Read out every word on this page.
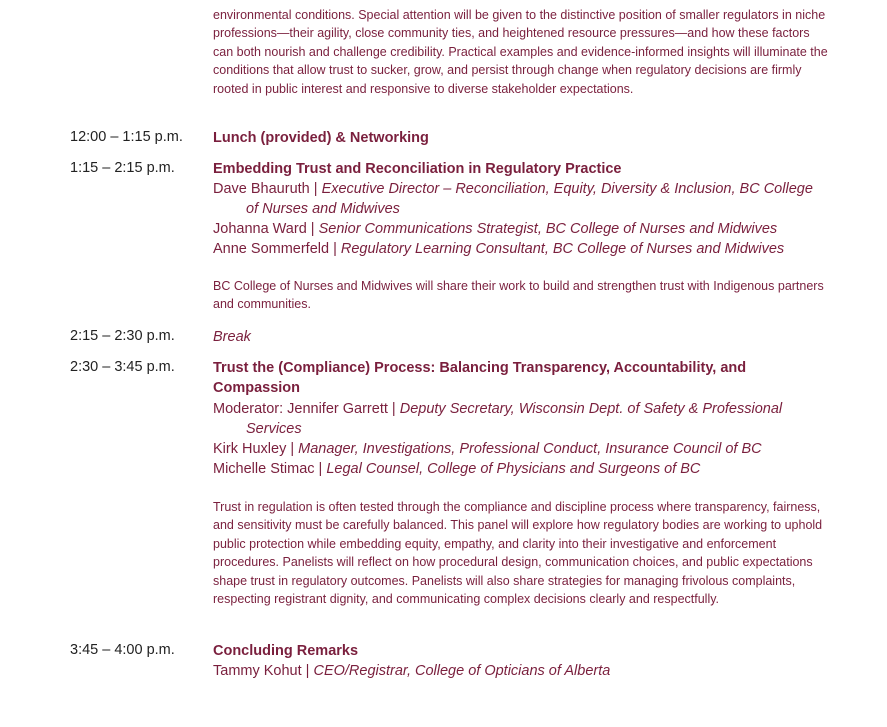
environmental conditions. Special attention will be given to the distinctive position of smaller regulators in niche professions—their agility, close community ties, and heightened resource pressures—and how these factors can both nourish and challenge credibility. Practical examples and evidence-informed insights will illuminate the conditions that allow trust to sucker, grow, and persist through change when regulatory decisions are firmly rooted in public interest and responsive to diverse stakeholder expectations.
12:00 – 1:15 p.m. Lunch (provided) & Networking
1:15 – 2:15 p.m.	Embedding Trust and Reconciliation in Regulatory Practice
Dave Bhauruth | Executive Director – Reconciliation, Equity, Diversity & Inclusion, BC College of Nurses and Midwives
Johanna Ward | Senior Communications Strategist, BC College of Nurses and Midwives
Anne Sommerfeld | Regulatory Learning Consultant, BC College of Nurses and Midwives
BC College of Nurses and Midwives will share their work to build and strengthen trust with Indigenous partners and communities.
2:15 – 2:30 p.m.	Break
2:30 – 3:45 p.m.	Trust the (Compliance) Process: Balancing Transparency, Accountability, and Compassion
Moderator: Jennifer Garrett | Deputy Secretary, Wisconsin Dept. of Safety & Professional Services
Kirk Huxley | Manager, Investigations, Professional Conduct, Insurance Council of BC
Michelle Stimac | Legal Counsel, College of Physicians and Surgeons of BC
Trust in regulation is often tested through the compliance and discipline process where transparency, fairness, and sensitivity must be carefully balanced. This panel will explore how regulatory bodies are working to uphold public protection while embedding equity, empathy, and clarity into their investigative and enforcement procedures. Panelists will reflect on how procedural design, communication choices, and public expectations shape trust in regulatory outcomes. Panelists will also share strategies for managing frivolous complaints, respecting registrant dignity, and communicating complex decisions clearly and respectfully.
3:45 – 4:00 p.m.	Concluding Remarks
Tammy Kohut | CEO/Registrar, College of Opticians of Alberta
